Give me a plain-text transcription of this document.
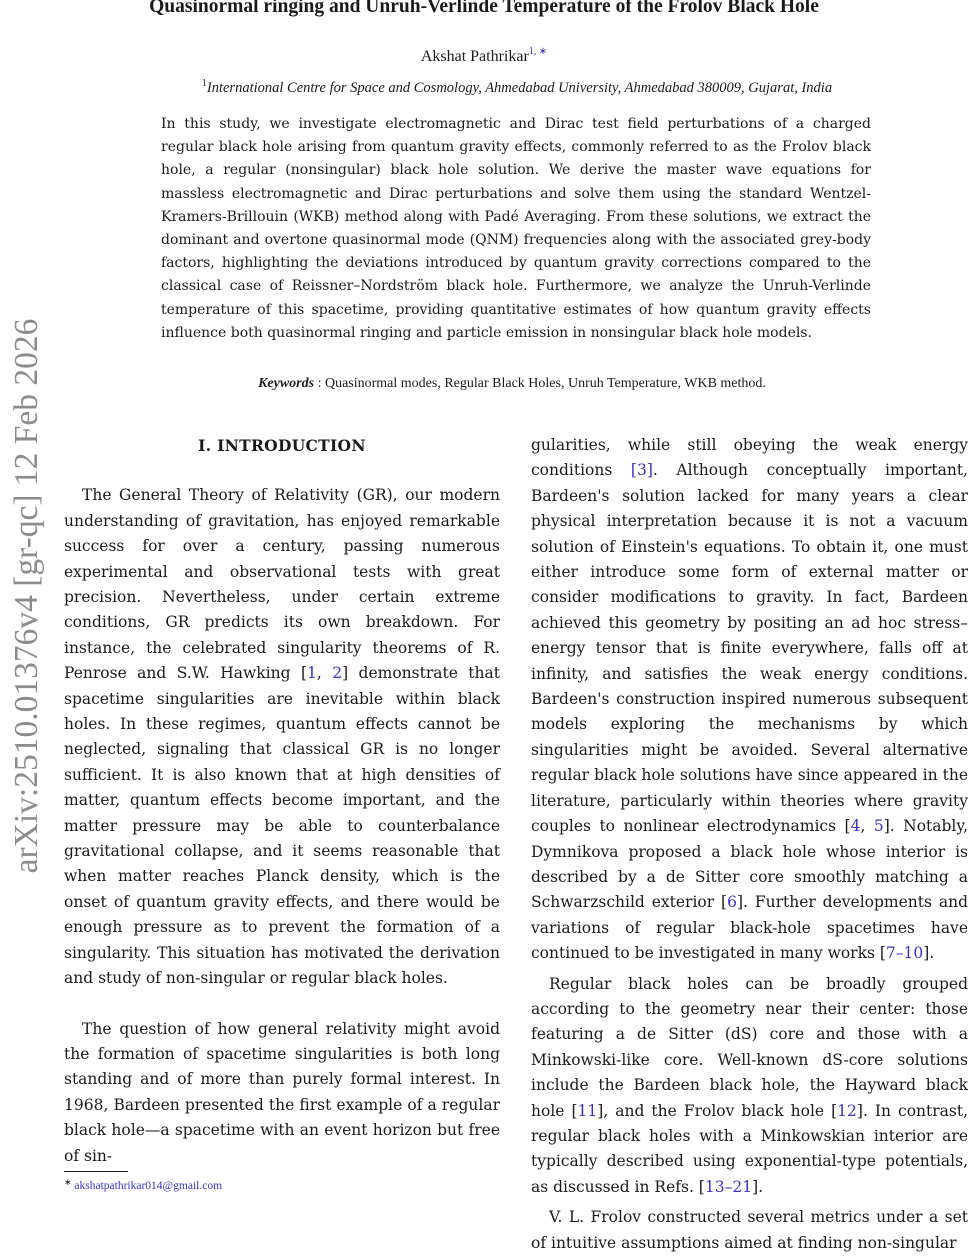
Quasinormal ringing and Unruh-Verlinde Temperature of the Frolov Black Hole
Akshat Pathrikar$^{1, ∗}$
$^1$International Centre for Space and Cosmology, Ahmedabad University, Ahmedabad 380009, Gujarat, India

In this study, we investigate electromagnetic and Dirac test field perturbations of a charged regular black hole arising from quantum gravity effects, commonly referred to as the Frolov black hole, a regular (nonsingular) black hole solution. We derive the master wave equations for massless electromagnetic and Dirac perturbations and solve them using the standard Wentzel-Kramers-Brillouin (WKB) method along with Padé Averaging. From these solutions, we extract the dominant and overtone quasinormal mode (QNM) frequencies along with the associated grey-body factors, highlighting the deviations introduced by quantum gravity corrections compared to the classical case of Reissner–Nordström black hole. Furthermore, we analyze the Unruh-Verlinde temperature of this spacetime, providing quantitative estimates of how quantum gravity effects influence both quasinormal ringing and particle emission in nonsingular black hole models.

Keywords : Quasinormal modes, Regular Black Holes, Unruh Temperature, WKB method.
arXiv:2510.01376v4 [gr-qc] 12 Feb 2026	I. INTRODUCTION

The General Theory of Relativity (GR), our modern understanding of gravitation, has enjoyed remarkable success for over a century, passing numerous experimental and observational tests with great precision. Nevertheless, under certain extreme conditions, GR predicts its own breakdown. For instance, the celebrated singularity theorems of R. Penrose and S.W. Hawking [1, 2] demonstrate that spacetime singularities are inevitable within black holes. In these regimes, quantum effects cannot be neglected, signaling that classical GR is no longer sufficient. It is also known that at high densities of matter, quantum effects become important, and the matter pressure may be able to counterbalance gravitational collapse, and it seems reasonable that when matter reaches Planck density, which is the onset of quantum gravity effects, and there would be enough pressure as to prevent the formation of a singularity. This situation has motivated the derivation and study of non-singular or regular black holes.

The question of how general relativity might avoid the formation of spacetime singularities is both long standing and of more than purely formal interest. In 1968, Bardeen presented the first example of a regular black hole—a spacetime with an event horizon but free of sin-

gularities, while still obeying the weak energy conditions [3]. Although conceptually important, Bardeen's solution lacked for many years a clear physical interpretation because it is not a vacuum solution of Einstein's equations. To obtain it, one must either introduce some form of external matter or consider modifications to gravity. In fact, Bardeen achieved this geometry by positing an ad hoc stress–energy tensor that is finite everywhere, falls off at infinity, and satisfies the weak energy conditions. Bardeen's construction inspired numerous subsequent models exploring the mechanisms by which singularities might be avoided. Several alternative regular black hole solutions have since appeared in the literature, particularly within theories where gravity couples to nonlinear electrodynamics [4, 5]. Notably, Dymnikova proposed a black hole whose interior is described by a de Sitter core smoothly matching a Schwarzschild exterior [6]. Further developments and variations of regular black-hole spacetimes have continued to be investigated in many works [7–10].

Regular black holes can be broadly grouped according to the geometry near their center: those featuring a de Sitter (dS) core and those with a Minkowski-like core. Well-known dS-core solutions include the Bardeen black hole, the Hayward black hole [11], and the Frolov black hole [12]. In contrast, regular black holes with a Minkowskian interior are typically described using exponential-type potentials, as discussed in Refs. [13–21].

V. L. Frolov constructed several metrics under a set of intuitive assumptions aimed at finding non-singular

∗ akshatpathrikar014@gmail.com
